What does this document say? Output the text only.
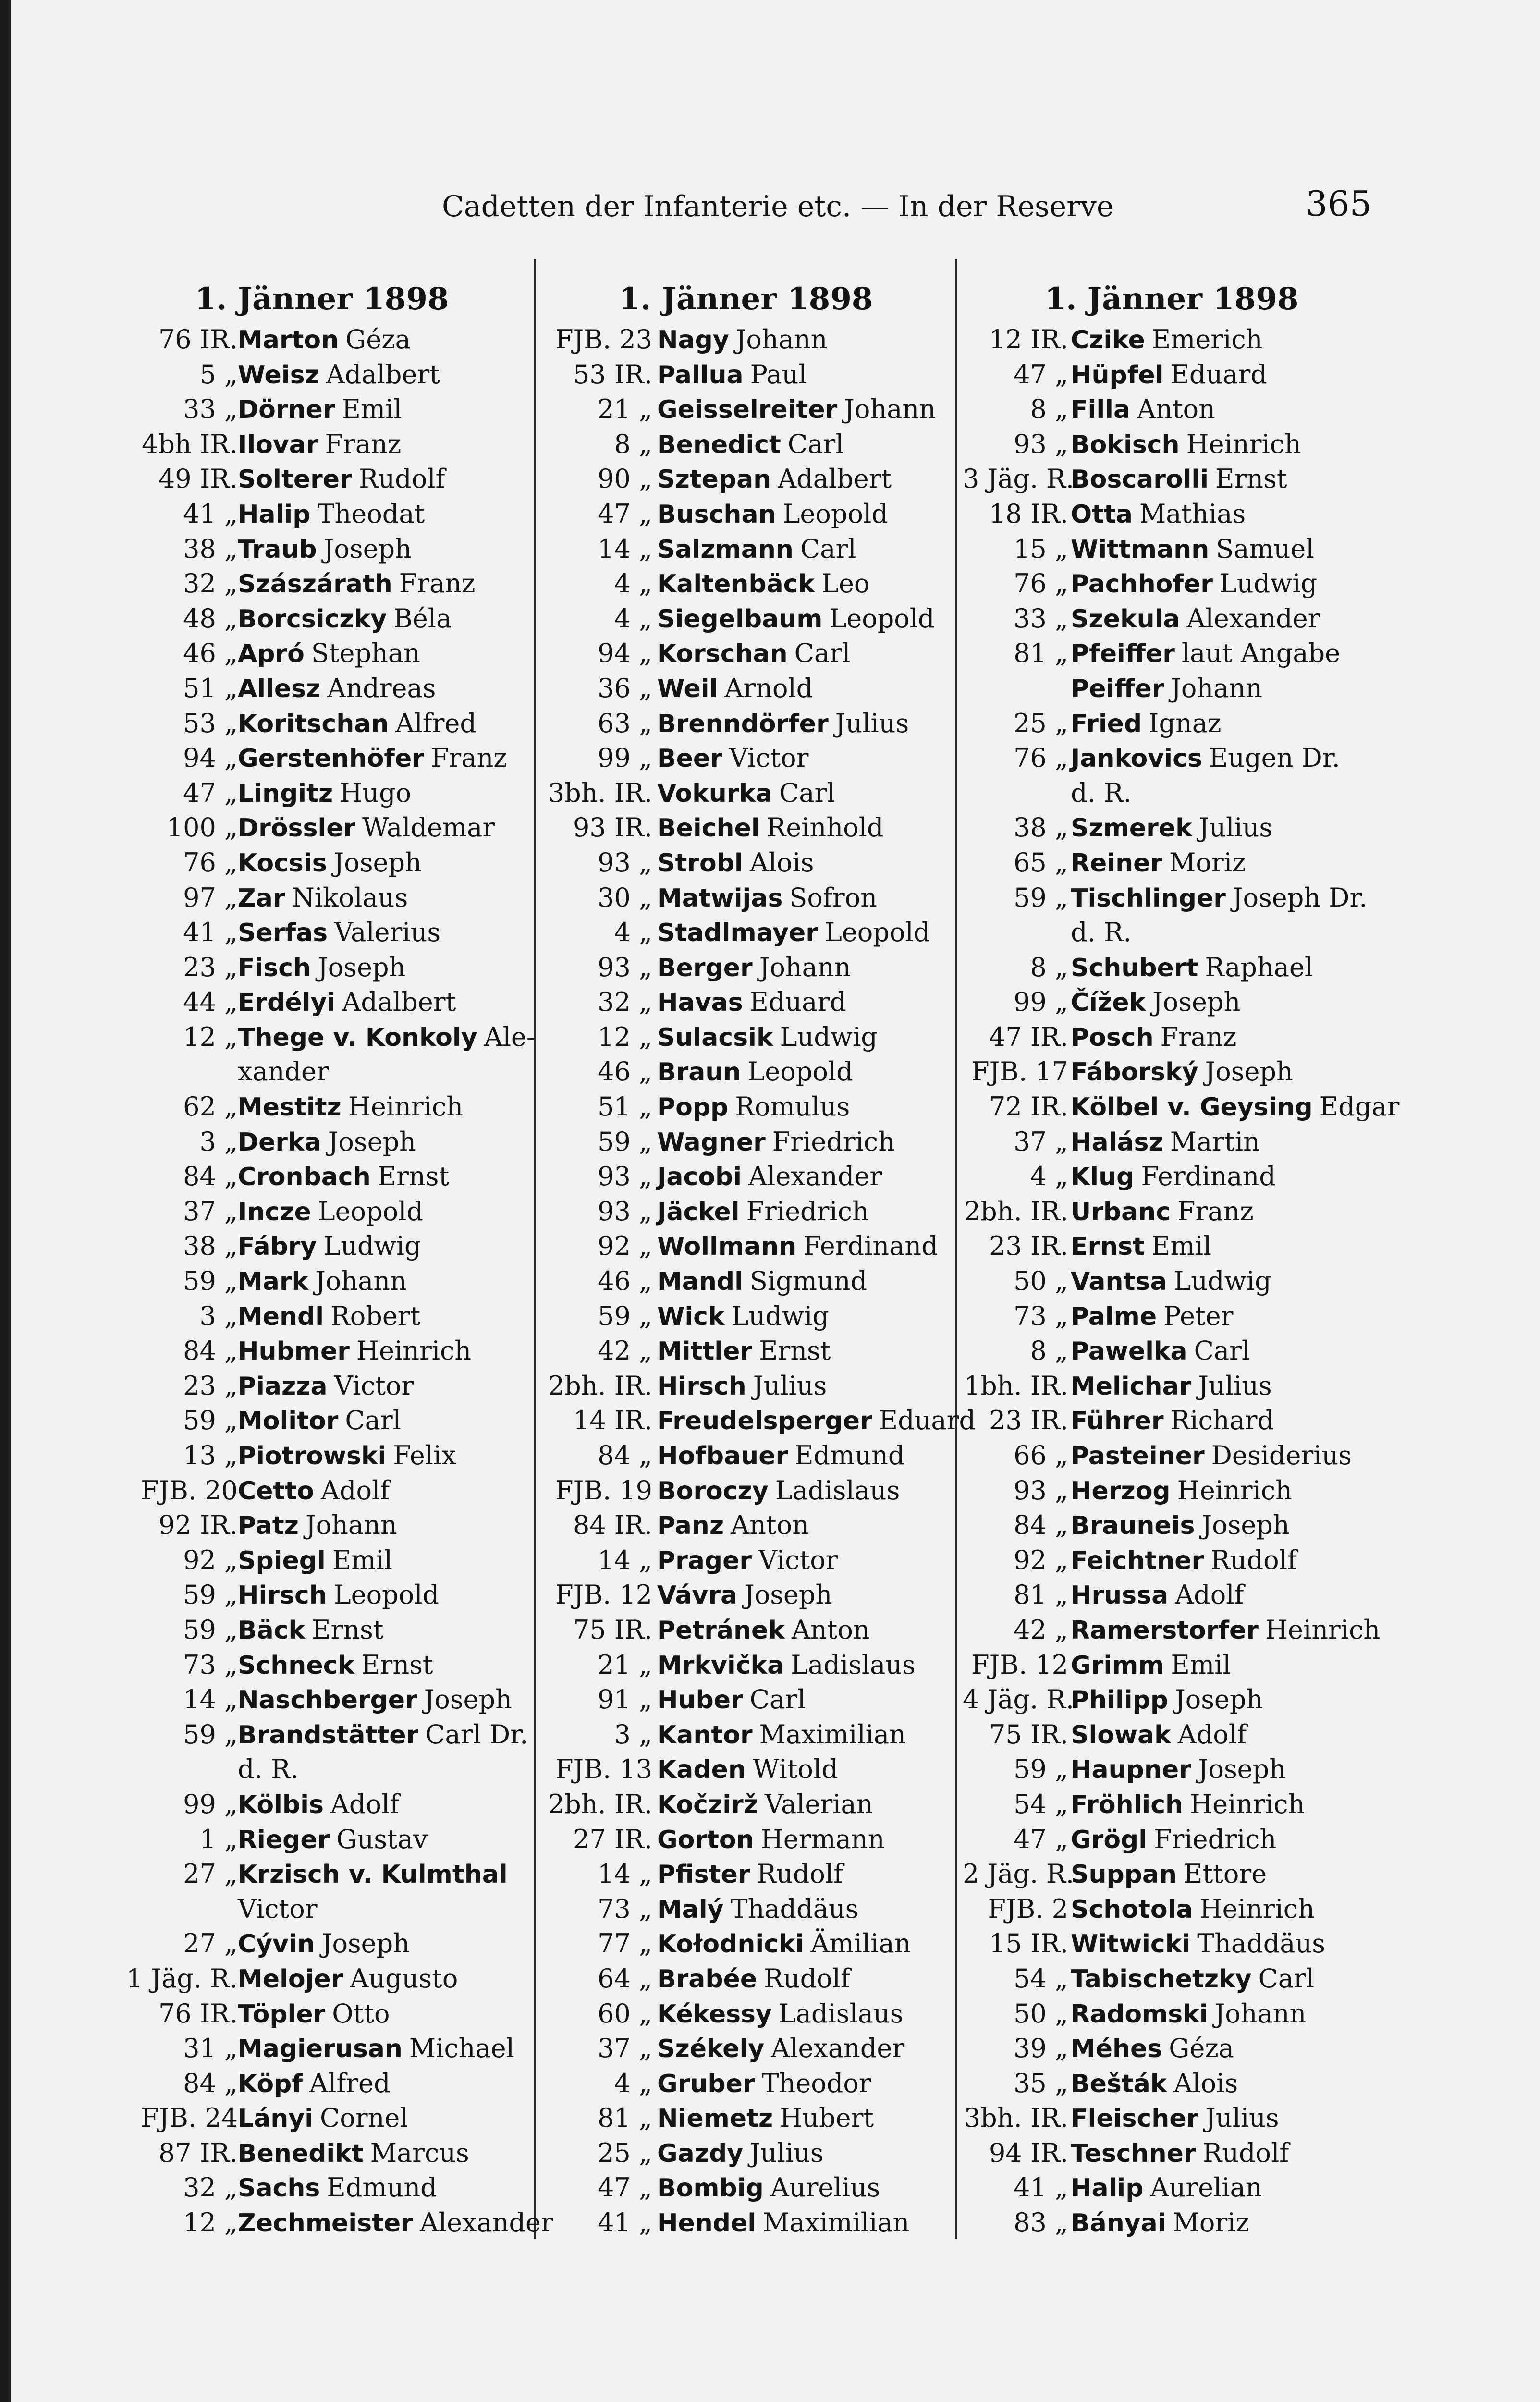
Cadetten der Infanterie etc. — In der Reserve	365
1. Jänner 1898
76 IR. Marton Géza
5 „ Weisz Adalbert
33 „ Dörner Emil
4bh IR. Ilovar Franz
49 IR. Solterer Rudolf
41 „ Halip Theodat
38 „ Traub Joseph
32 „ Szászárath Franz
48 „ Borcsiczky Béla
46 „ Apró Stephan
51 „ Allesz Andreas
53 „ Koritschan Alfred
94 „ Gerstenhöfer Franz
47 „ Lingitz Hugo
100 „ Drössler Waldemar
76 „ Kocsis Joseph
97 „ Zar Nikolaus
41 „ Serfas Valerius
23 „ Fisch Joseph
44 „ Erdélyi Adalbert
12 „ Thege v. Konkoly Ale-
xander
62 „ Mestitz Heinrich
3 „ Derka Joseph
84 „ Cronbach Ernst
37 „ Incze Leopold
38 „ Fábry Ludwig
59 „ Mark Johann
3 „ Mendl Robert
84 „ Hubmer Heinrich
23 „ Piazza Victor
59 „ Molitor Carl
13 „ Piotrowski Felix
FJB. 20 Cetto Adolf
92 IR. Patz Johann
92 „ Spiegl Emil
59 „ Hirsch Leopold
59 „ Bäck Ernst
73 „ Schneck Ernst
14 „ Naschberger Joseph
59 „ Brandstätter Carl Dr.
d. R.
99 „ Kölbis Adolf
1 „ Rieger Gustav
27 „ Krzisch v. Kulmthal
Victor
27 „ Cývin Joseph
1 Jäg. R. Melojer Augusto
76 IR. Töpler Otto
31 „ Magierusan Michael
84 „ Köpf Alfred
FJB. 24 Lányi Cornel
87 IR. Benedikt Marcus
32 „ Sachs Edmund
12 „ Zechmeister Alexander
1. Jänner 1898
FJB. 23 Nagy Johann
53 IR. Pallua Paul
21 „ Geisselreiter Johann
8 „ Benedict Carl
90 „ Sztepan Adalbert
47 „ Buschan Leopold
14 „ Salzmann Carl
4 „ Kaltenbäck Leo
4 „ Siegelbaum Leopold
94 „ Korschan Carl
36 „ Weil Arnold
63 „ Brenndörfer Julius
99 „ Beer Victor
3bh. IR. Vokurka Carl
93 IR. Beichel Reinhold
93 „ Strobl Alois
30 „ Matwijas Sofron
4 „ Stadlmayer Leopold
93 „ Berger Johann
32 „ Havas Eduard
12 „ Sulacsik Ludwig
46 „ Braun Leopold
51 „ Popp Romulus
59 „ Wagner Friedrich
93 „ Jacobi Alexander
93 „ Jäckel Friedrich
92 „ Wollmann Ferdinand
46 „ Mandl Sigmund
59 „ Wick Ludwig
42 „ Mittler Ernst
2bh. IR. Hirsch Julius
14 IR. Freudelsperger Eduard
84 „ Hofbauer Edmund
FJB. 19 Boroczy Ladislaus
84 IR. Panz Anton
14 „ Prager Victor
FJB. 12 Vávra Joseph
75 IR. Petránek Anton
21 „ Mrkvička Ladislaus
91 „ Huber Carl
3 „ Kantor Maximilian
FJB. 13 Kaden Witold
2bh. IR. Kočzirž Valerian
27 IR. Gorton Hermann
14 „ Pfister Rudolf
73 „ Malý Thaddäus
77 „ Kołodnicki Ämilian
64 „ Brabée Rudolf
60 „ Kékessy Ladislaus
37 „ Székely Alexander
4 „ Gruber Theodor
81 „ Niemetz Hubert
25 „ Gazdy Julius
47 „ Bombig Aurelius
41 „ Hendel Maximilian
1. Jänner 1898
12 IR. Czike Emerich
47 „ Hüpfel Eduard
8 „ Filla Anton
93 „ Bokisch Heinrich
3 Jäg. R.
Boscarolli Ernst
18 IR. Otta Mathias
15 „ Wittmann Samuel
76 „ Pachhofer Ludwig
33 „ Szekula Alexander
81 „ Pfeiffer laut Angabe
Peiffer Johann
25 „ Fried Ignaz
76 „ Jankovics Eugen Dr.
d. R.
38 „ Szmerek Julius
65 „ Reiner Moriz
59 „ Tischlinger Joseph Dr.
d. R.
8 „ Schubert Raphael
99 „ Čížek Joseph
47 IR. Posch Franz
FJB. 17 Fáborský Joseph
72 IR. Kölbel v. Geysing Edgar
37 „ Halász Martin
4 „ Klug Ferdinand
2bh. IR. Urbanc Franz
23 IR. Ernst Emil
50 „ Vantsa Ludwig
73 „ Palme Peter
8 „ Pawelka Carl
1bh. IR. Melichar Julius
23 IR. Führer Richard
66 „ Pasteiner Desiderius
93 „ Herzog Heinrich
84 „ Brauneis Joseph
92 „ Feichtner Rudolf
81 „ Hrussa Adolf
42 „ Ramerstorfer Heinrich
FJB. 12 Grimm Emil
4 Jäg. R.
Philipp Joseph
75 IR. Slowak Adolf
59 „ Haupner Joseph
54 „ Fröhlich Heinrich
47 „ Grögl Friedrich
2 Jäg. R.
Suppan Ettore
FJB. 2 Schotola Heinrich
15 IR. Witwicki Thaddäus
54 „ Tabischetzky Carl
50 „ Radomski Johann
39 „ Méhes Géza
35 „ Bešták Alois
3bh. IR. Fleischer Julius
94 IR. Teschner Rudolf
41 „ Halip Aurelian
83 „ Bányai Moriz
